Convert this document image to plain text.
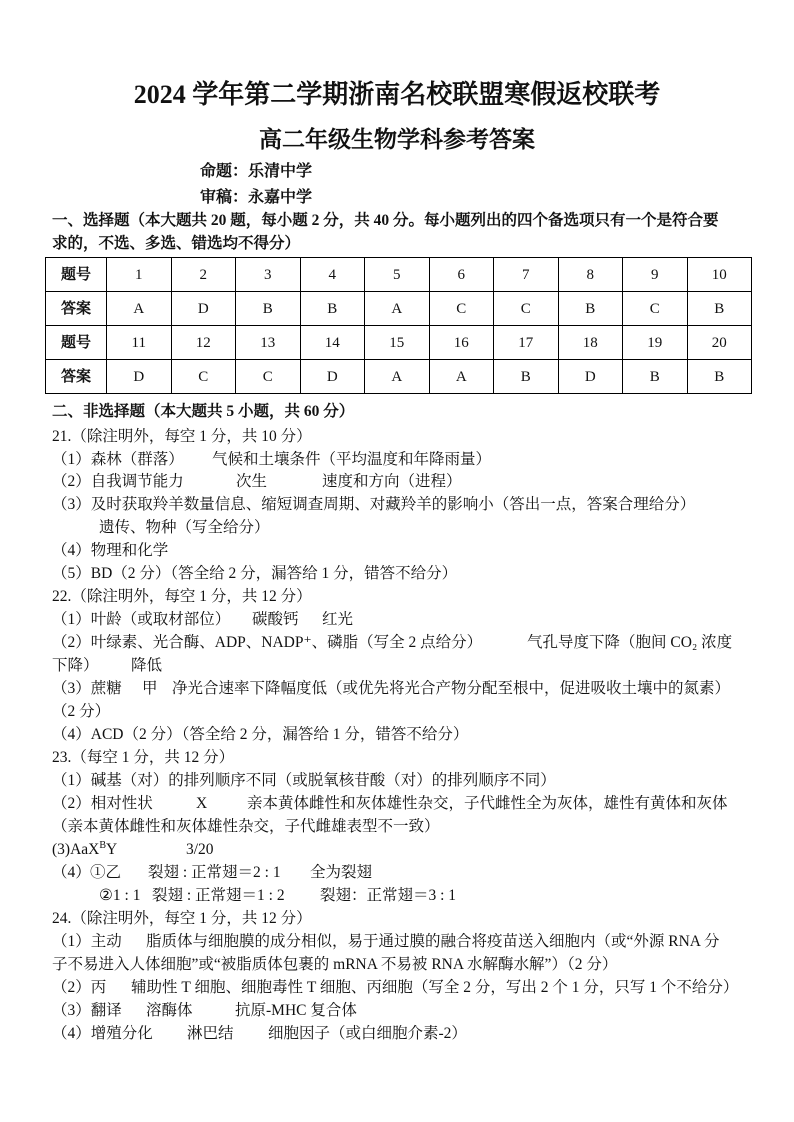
2024 学年第二学期浙南名校联盟寒假返校联考
高二年级生物学科参考答案
命题：乐清中学
审稿：永嘉中学
一、选择题（本大题共 20 题，每小题 2 分，共 40 分。每小题列出的四个备选项只有一个是符合要
求的，不选、多选、错选均不得分）
题号	1	2	3	4	5	6	7	8	9	10
答案	A	D	B	B	A	C	C	B	C	B
题号	11	12	13	14	15	16	17	18	19	20
答案	D	C	C	D	A	A	B	D	B	B
二、非选择题（本大题共 5 小题，共 60 分）
21.（除注明外，每空 1 分，共 10 分）
（1）森林（群落） 气候和土壤条件（平均温度和年降雨量）
（2）自我调节能力	次生	速度和方向（进程）
（3）及时获取羚羊数量信息、缩短调查周期、对藏羚羊的影响小（答出一点，答案合理给分）
遗传、物种（写全给分）
（4）物理和化学
（5）BD（2 分）（答全给 2 分，漏答给 1 分，错答不给分）
22.（除注明外，每空 1 分，共 12 分）
（1）叶龄（或取材部位） 碳酸钙 红光
（2）叶绿素、光合酶、ADP、NADP⁺、磷脂（写全 2 点给分）	气孔导度下降（胞间 CO₂ 浓度
下降） 降低
（3）蔗糖 甲 净光合速率下降幅度低（或优先将光合产物分配至根中，促进吸收土壤中的氮素）
（2 分）
（4）ACD（2 分）（答全给 2 分，漏答给 1 分，错答不给分）
23.（每空 1 分，共 12 分）
（1）碱基（对）的排列顺序不同（或脱氧核苷酸（对）的排列顺序不同）
（2）相对性状	X	亲本黄体雌性和灰体雄性杂交，子代雌性全为灰体，雄性有黄体和灰体
（亲本黄体雌性和灰体雄性杂交，子代雌雄表型不一致）
(3)AaX$^B$Y	3/20
（4） ①乙 裂翅 : 正常翅＝2 : 1 全为裂翅
②1 : 1 裂翅 : 正常翅＝1 : 2 裂翅：正常翅＝3 : 1
24.（除注明外，每空 1 分，共 12 分）
（1）主动 脂质体与细胞膜的成分相似，易于通过膜的融合将疫苗送入细胞内（或“外源 RNA 分
子不易进入人体细胞”或“被脂质体包裹的 mRNA 不易被 RNA 水解酶水解”）（2 分）
（2）丙 辅助性 T 细胞、细胞毒性 T 细胞、丙细胞（写全 2 分，写出 2 个 1 分，只写 1 个不给分）
（3）翻译 溶酶体	抗原-MHC 复合体
（4）增殖分化 淋巴结 细胞因子（或白细胞介素-2）
